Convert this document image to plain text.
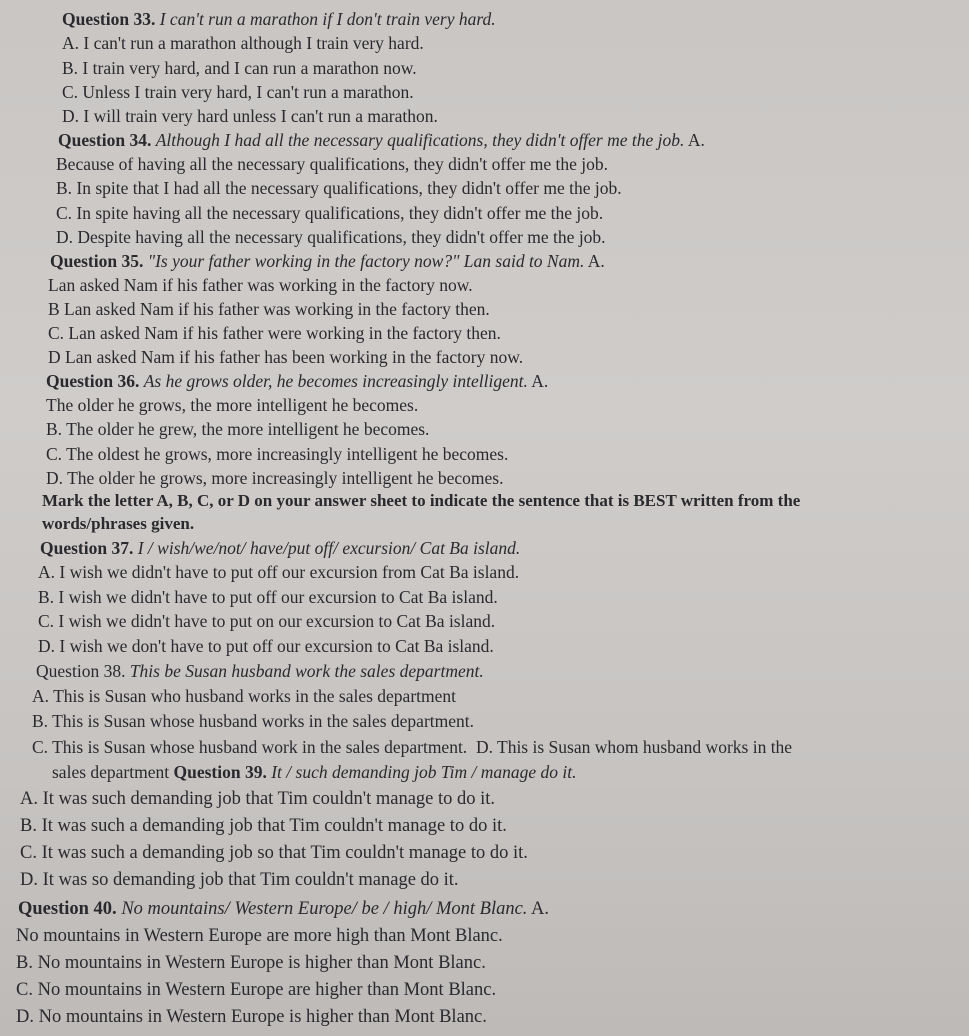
Question 33. I can't run a marathon if I don't train very hard.
A. I can't run a marathon although I train very hard.
B. I train very hard, and I can run a marathon now.
C. Unless I train very hard, I can't run a marathon.
D. I will train very hard unless I can't run a marathon.
Question 34. Although I had all the necessary qualifications, they didn't offer me the job. A.
Because of having all the necessary qualifications, they didn't offer me the job.
B. In spite that I had all the necessary qualifications, they didn't offer me the job.
C. In spite having all the necessary qualifications, they didn't offer me the job.
D. Despite having all the necessary qualifications, they didn't offer me the job.
Question 35. "Is your father working in the factory now?" Lan said to Nam. A.
Lan asked Nam if his father was working in the factory now.
B Lan asked Nam if his father was working in the factory then.
C. Lan asked Nam if his father were working in the factory then.
D Lan asked Nam if his father has been working in the factory now.
Question 36. As he grows older, he becomes increasingly intelligent. A.
The older he grows, the more intelligent he becomes.
B. The older he grew, the more intelligent he becomes.
C. The oldest he grows, more increasingly intelligent he becomes.
D. The older he grows, more increasingly intelligent he becomes.
Mark the letter A, B, C, or D on your answer sheet to indicate the sentence that is BEST written from the
words/phrases given.
Question 37. I / wish/we/not/ have/put off/ excursion/ Cat Ba island.
A. I wish we didn't have to put off our excursion from Cat Ba island.
B. I wish we didn't have to put off our excursion to Cat Ba island.
C. I wish we didn't have to put on our excursion to Cat Ba island.
D. I wish we don't have to put off our excursion to Cat Ba island.
Question 38. This be Susan husband work the sales department.
A. This is Susan who husband works in the sales department
B. This is Susan whose husband works in the sales department.
C. This is Susan whose husband work in the sales department. D. This is Susan whom husband works in the
sales department Question 39. It / such demanding job Tim / manage do it.
A. It was such demanding job that Tim couldn't manage to do it.
B. It was such a demanding job that Tim couldn't manage to do it.
C. It was such a demanding job so that Tim couldn't manage to do it.
D. It was so demanding job that Tim couldn't manage do it.
Question 40. No mountains/ Western Europe/ be / high/ Mont Blanc. A.
No mountains in Western Europe are more high than Mont Blanc.
B. No mountains in Western Europe is higher than Mont Blanc.
C. No mountains in Western Europe are higher than Mont Blanc.
D. No mountains in Western Europe is higher than Mont Blanc.
